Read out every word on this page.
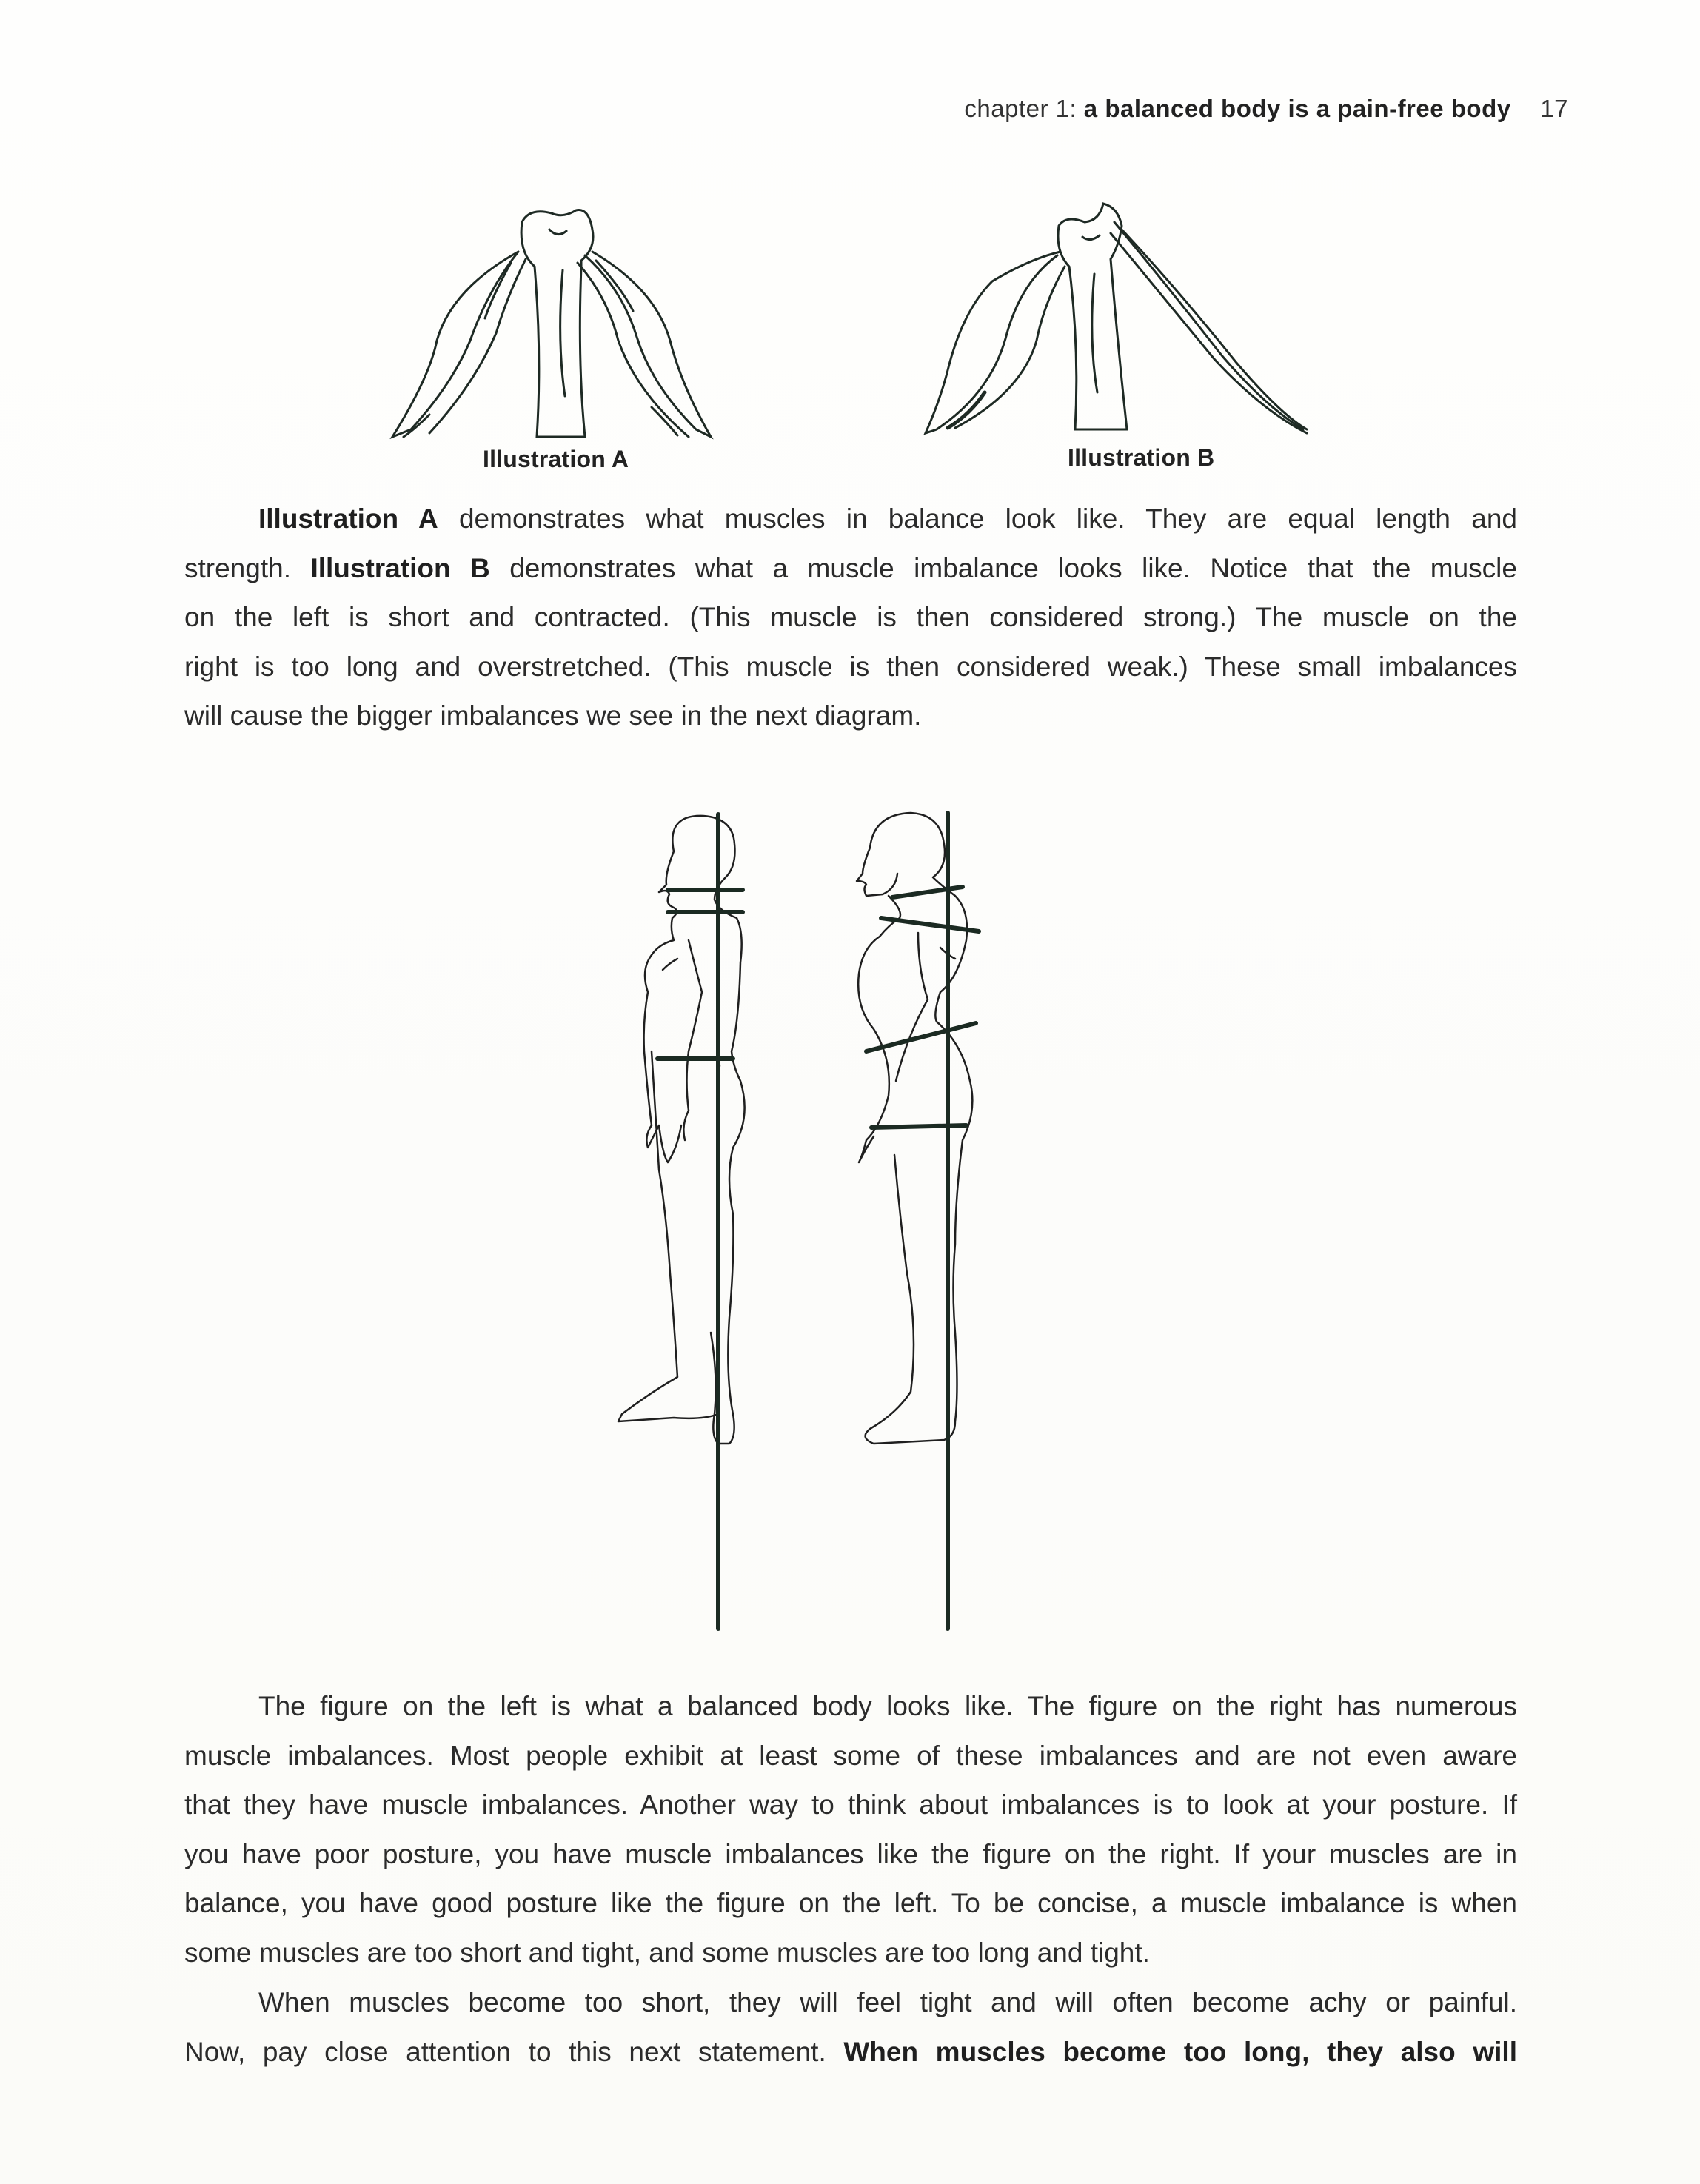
chapter 1: a balanced body is a pain-free body 17
Illustration A	Illustration B
Illustration A demonstrates what muscles in balance look like. They are equal length and
strength. Illustration B demonstrates what a muscle imbalance looks like. Notice that the muscle
on the left is short and contracted. (This muscle is then considered strong.) The muscle on the
right is too long and overstretched. (This muscle is then considered weak.) These small imbalances
will cause the bigger imbalances we see in the next diagram.
The figure on the left is what a balanced body looks like. The figure on the right has numerous
muscle imbalances. Most people exhibit at least some of these imbalances and are not even aware
that they have muscle imbalances. Another way to think about imbalances is to look at your posture. If
you have poor posture, you have muscle imbalances like the figure on the right. If your muscles are in
balance, you have good posture like the figure on the left. To be concise, a muscle imbalance is when
some muscles are too short and tight, and some muscles are too long and tight.
When muscles become too short, they will feel tight and will often become achy or painful.
Now, pay close attention to this next statement. When muscles become too long, they also will
